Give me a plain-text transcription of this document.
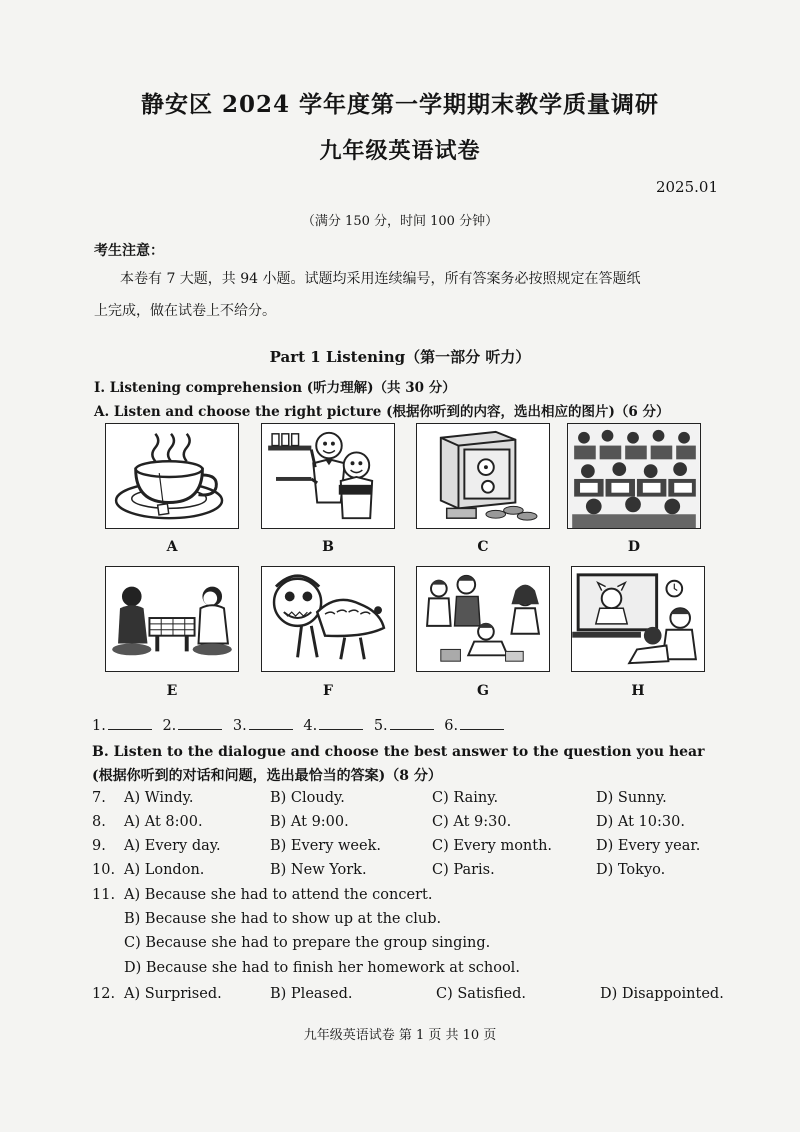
静安区 2024 学年度第一学期期末教学质量调研
九年级英语试卷
2025.01
（满分 150 分，时间 100 分钟）
考生注意：
本卷有 7 大题，共 94 小题。试题均采用连续编号，所有答案务必按照规定在答题纸
上完成，做在试卷上不给分。
Part 1 Listening（第一部分 听力）
I. Listening comprehension (听力理解)（共 30 分）
A. Listen and choose the right picture (根据你听到的内容，选出相应的图片)（6 分）
A	B	C	D
E	F	G	H
1.	2.	3.	4.	5.	6.
B. Listen to the dialogue and choose the best answer to the question you hear (根据你听到的对话和问题，选出最恰当的答案)（8 分）
7. A) Windy.	B) Cloudy.	C) Rainy.	D) Sunny.
8. A) At 8:00.	B) At 9:00.	C) At 9:30.	D) At 10:30.
9. A) Every day.	B) Every week.	C) Every month.	D) Every year.
10. A) London.	B) New York.	C) Paris.	D) Tokyo.
11. A) Because she had to attend the concert.
B) Because she had to show up at the club.
C) Because she had to prepare the group singing.
D) Because she had to finish her homework at school.
12. A) Surprised.	B) Pleased.	C) Satisfied.	D) Disappointed.
九年级英语试卷 第 1 页 共 10 页
